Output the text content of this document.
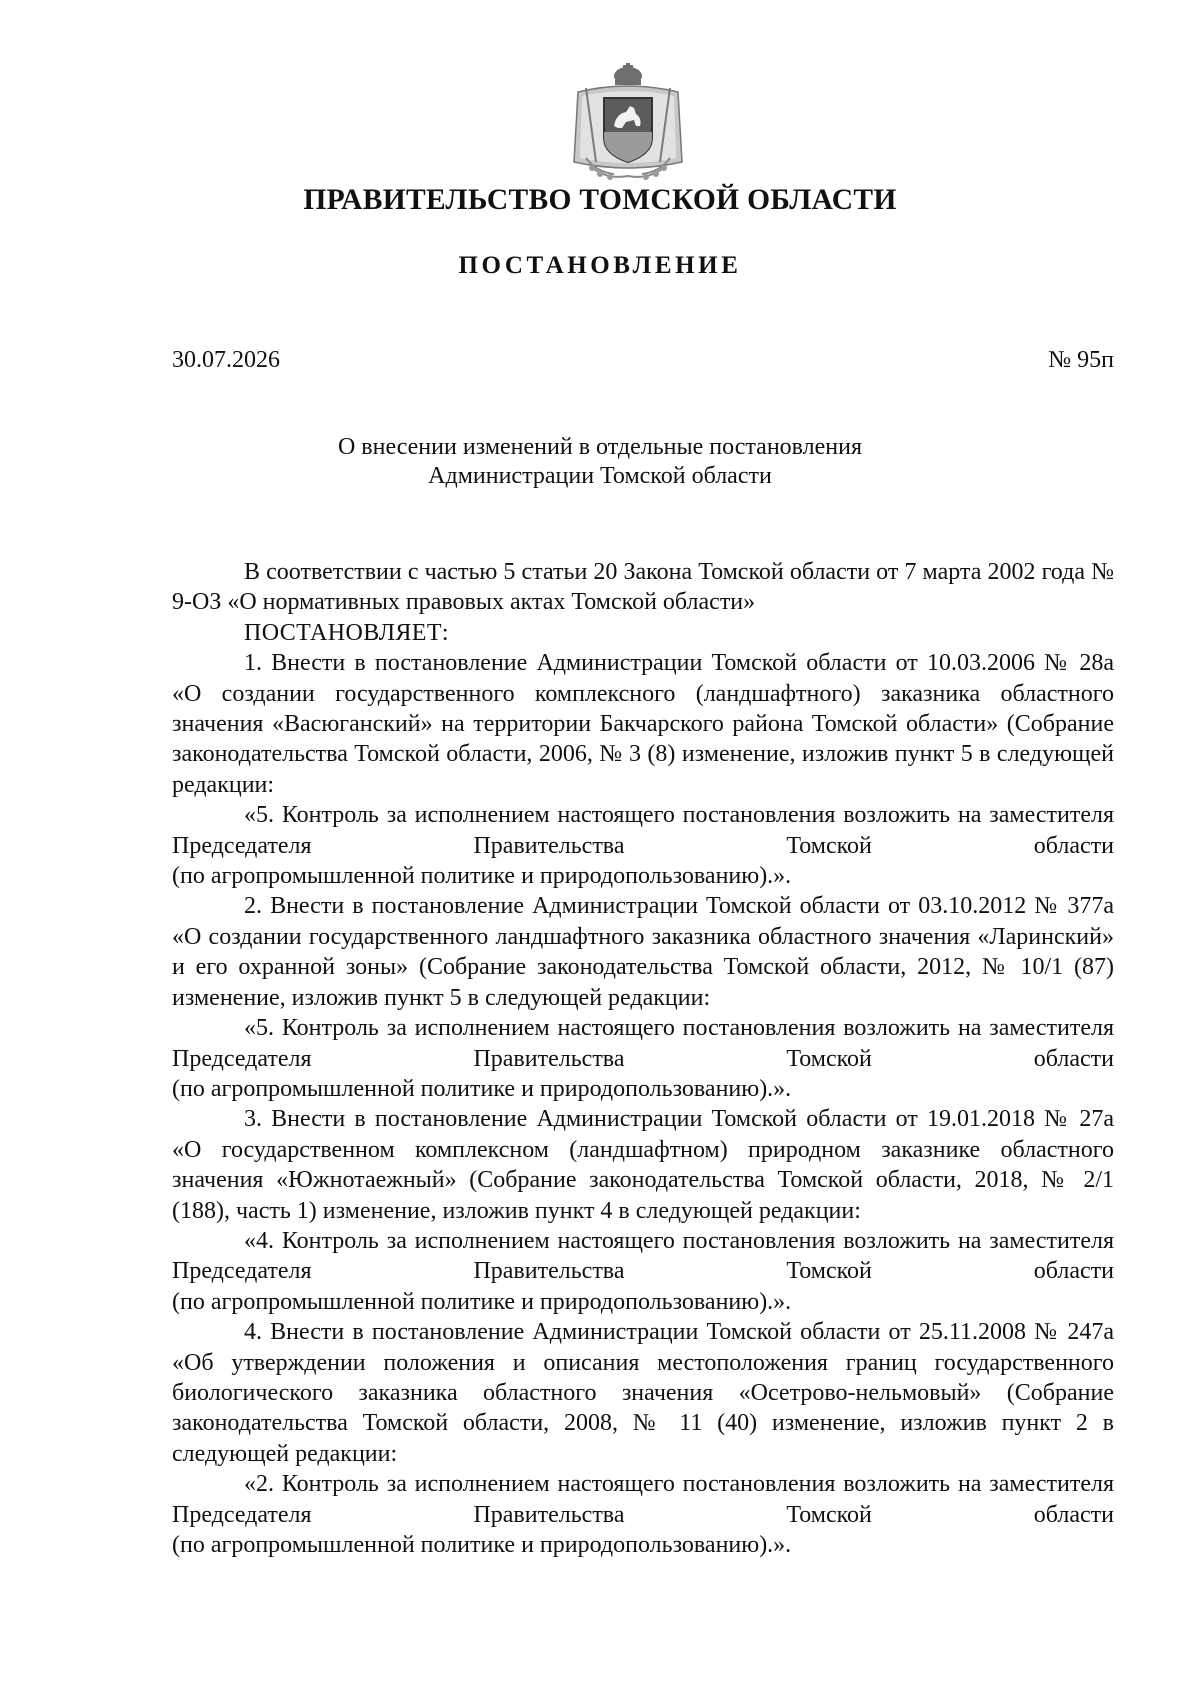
ПРАВИТЕЛЬСТВО ТОМСКОЙ ОБЛАСТИ
ПОСТАНОВЛЕНИЕ
30.07.2026	№ 95п
О внесении изменений в отдельные постановления
Администрации Томской области

В соответствии с частью 5 статьи 20 Закона Томской области от 7 марта 2002 года № 9-ОЗ «О нормативных правовых актах Томской области»

ПОСТАНОВЛЯЕТ:

1. Внести в постановление Администрации Томской области от 10.03.2006 № 28а «О создании государственного комплексного (ландшафтного) заказника областного значения «Васюганский» на территории Бакчарского района Томской области» (Собрание законодательства Томской области, 2006, № 3 (8) изменение, изложив пункт 5 в следующей редакции:

«5. Контроль за исполнением настоящего постановления возложить на заместителя Председателя Правительства Томской области

(по агропромышленной политике и природопользованию).».

2. Внести в постановление Администрации Томской области от 03.10.2012 № 377а «О создании государственного ландшафтного заказника областного значения «Ларинский» и его охранной зоны» (Собрание законодательства Томской области, 2012, № 10/1 (87) изменение, изложив пункт 5 в следующей редакции:

«5. Контроль за исполнением настоящего постановления возложить на заместителя Председателя Правительства Томской области

(по агропромышленной политике и природопользованию).».

3. Внести в постановление Администрации Томской области от 19.01.2018 № 27а «О государственном комплексном (ландшафтном) природном заказнике областного значения «Южнотаежный» (Собрание законодательства Томской области, 2018, № 2/1 (188), часть 1) изменение, изложив пункт 4 в следующей редакции:

«4. Контроль за исполнением настоящего постановления возложить на заместителя Председателя Правительства Томской области

(по агропромышленной политике и природопользованию).».

4. Внести в постановление Администрации Томской области от 25.11.2008 № 247а «Об утверждении положения и описания местоположения границ государственного биологического заказника областного значения «Осетрово-нельмовый» (Собрание законодательства Томской области, 2008, № 11 (40) изменение, изложив пункт 2 в следующей редакции:

«2. Контроль за исполнением настоящего постановления возложить на заместителя Председателя Правительства Томской области

(по агропромышленной политике и природопользованию).».
